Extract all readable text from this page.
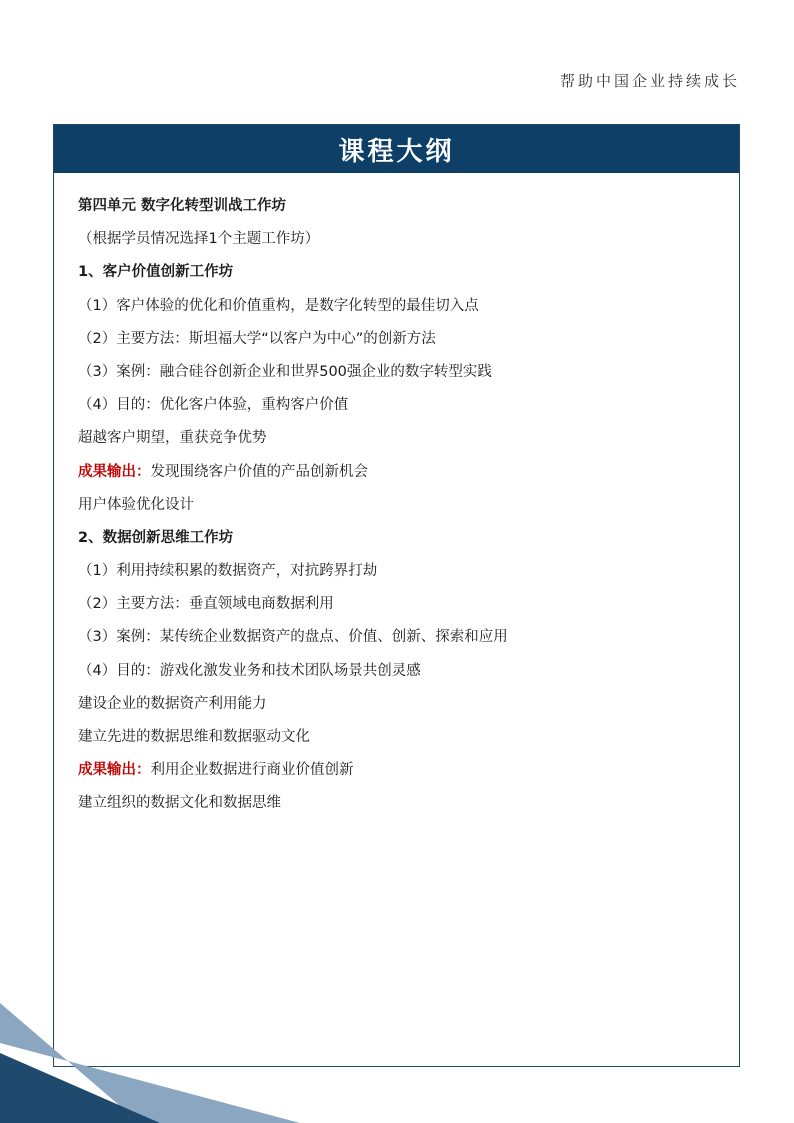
帮助中国企业持续成长
课程大纲
第四单元 数字化转型训战工作坊
（根据学员情况选择1个主题工作坊）
1、客户价值创新工作坊
（1）客户体验的优化和价值重构，是数字化转型的最佳切入点
（2）主要方法：斯坦福大学“以客户为中心”的创新方法
（3）案例：融合硅谷创新企业和世界500强企业的数字转型实践
（4）目的：优化客户体验，重构客户价值
超越客户期望，重获竞争优势
成果输出：发现围绕客户价值的产品创新机会
用户体验优化设计
2、数据创新思维工作坊
（1）利用持续积累的数据资产，对抗跨界打劫
（2）主要方法：垂直领域电商数据利用
（3）案例：某传统企业数据资产的盘点、价值、创新、探索和应用
（4）目的：游戏化激发业务和技术团队场景共创灵感
建设企业的数据资产利用能力
建立先进的数据思维和数据驱动文化
成果输出：利用企业数据进行商业价值创新
建立组织的数据文化和数据思维
